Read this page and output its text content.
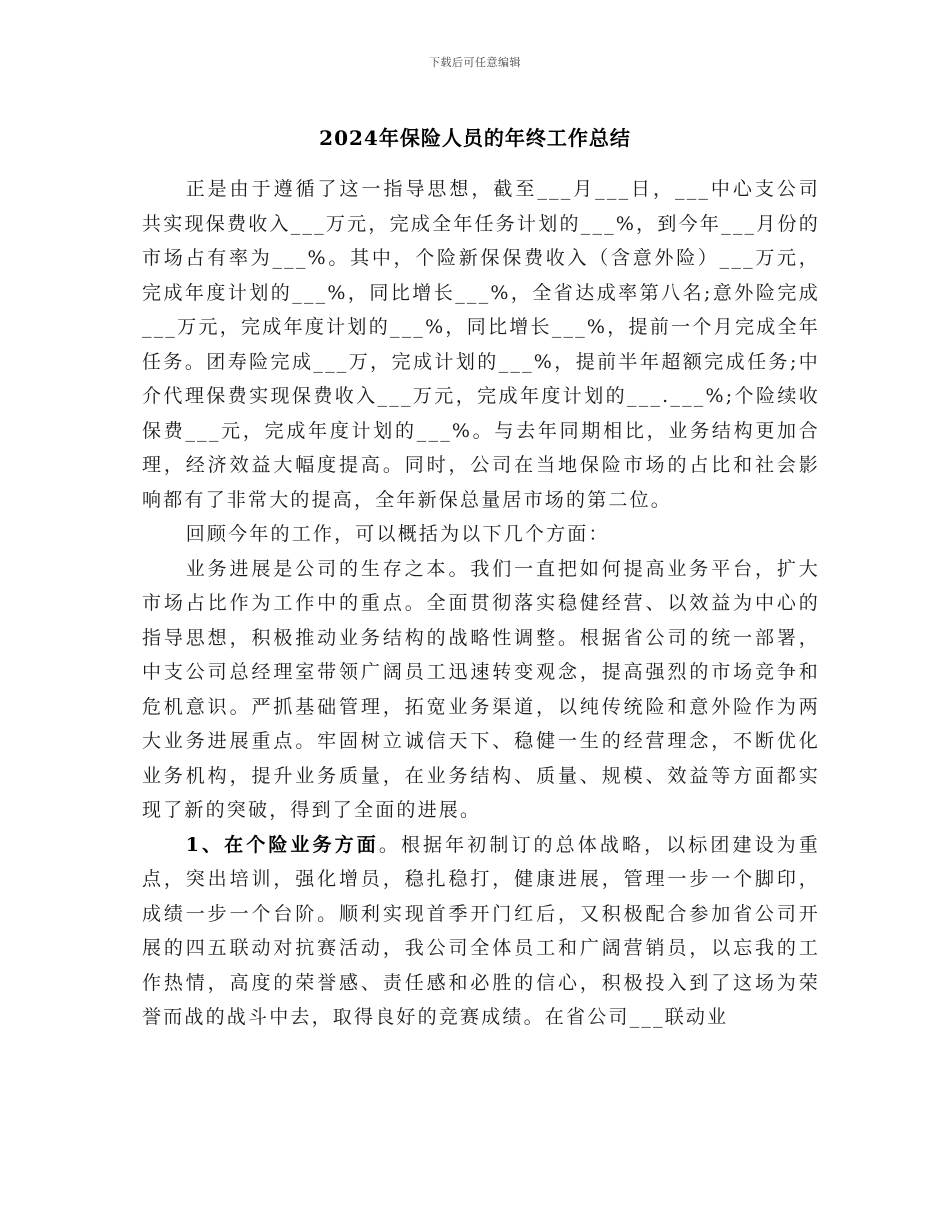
下载后可任意编辑
2024年保险人员的年终工作总结

正是由于遵循了这一指导思想，截至___月___日，___中心支公司共实现保费收入___万元，完成全年任务计划的___%，到今年___月份的市场占有率为___%。其中，个险新保保费收入（含意外险）___万元，完成年度计划的___%，同比增长___%，全省达成率第八名;意外险完成___万元，完成年度计划的___%，同比增长___%，提前一个月完成全年任务。团寿险完成___万，完成计划的___%，提前半年超额完成任务;中介代理保费实现保费收入___万元，完成年度计划的___.___%;个险续收保费___元，完成年度计划的___%。与去年同期相比，业务结构更加合理，经济效益大幅度提高。同时，公司在当地保险市场的占比和社会影响都有了非常大的提高，全年新保总量居市场的第二位。

回顾今年的工作，可以概括为以下几个方面：

业务进展是公司的生存之本。我们一直把如何提高业务平台，扩大市场占比作为工作中的重点。全面贯彻落实稳健经营、以效益为中心的指导思想，积极推动业务结构的战略性调整。根据省公司的统一部署，中支公司总经理室带领广阔员工迅速转变观念，提高强烈的市场竞争和危机意识。严抓基础管理，拓宽业务渠道，以纯传统险和意外险作为两大业务进展重点。牢固树立诚信天下、稳健一生的经营理念，不断优化业务机构，提升业务质量，在业务结构、质量、规模、效益等方面都实现了新的突破，得到了全面的进展。

1、在个险业务方面。根据年初制订的总体战略，以标团建设为重点，突出培训，强化增员，稳扎稳打，健康进展，管理一步一个脚印，成绩一步一个台阶。顺利实现首季开门红后，又积极配合参加省公司开展的四五联动对抗赛活动，我公司全体员工和广阔营销员，以忘我的工作热情，高度的荣誉感、责任感和必胜的信心，积极投入到了这场为荣誉而战的战斗中去，取得良好的竞赛成绩。在省公司___联动业
